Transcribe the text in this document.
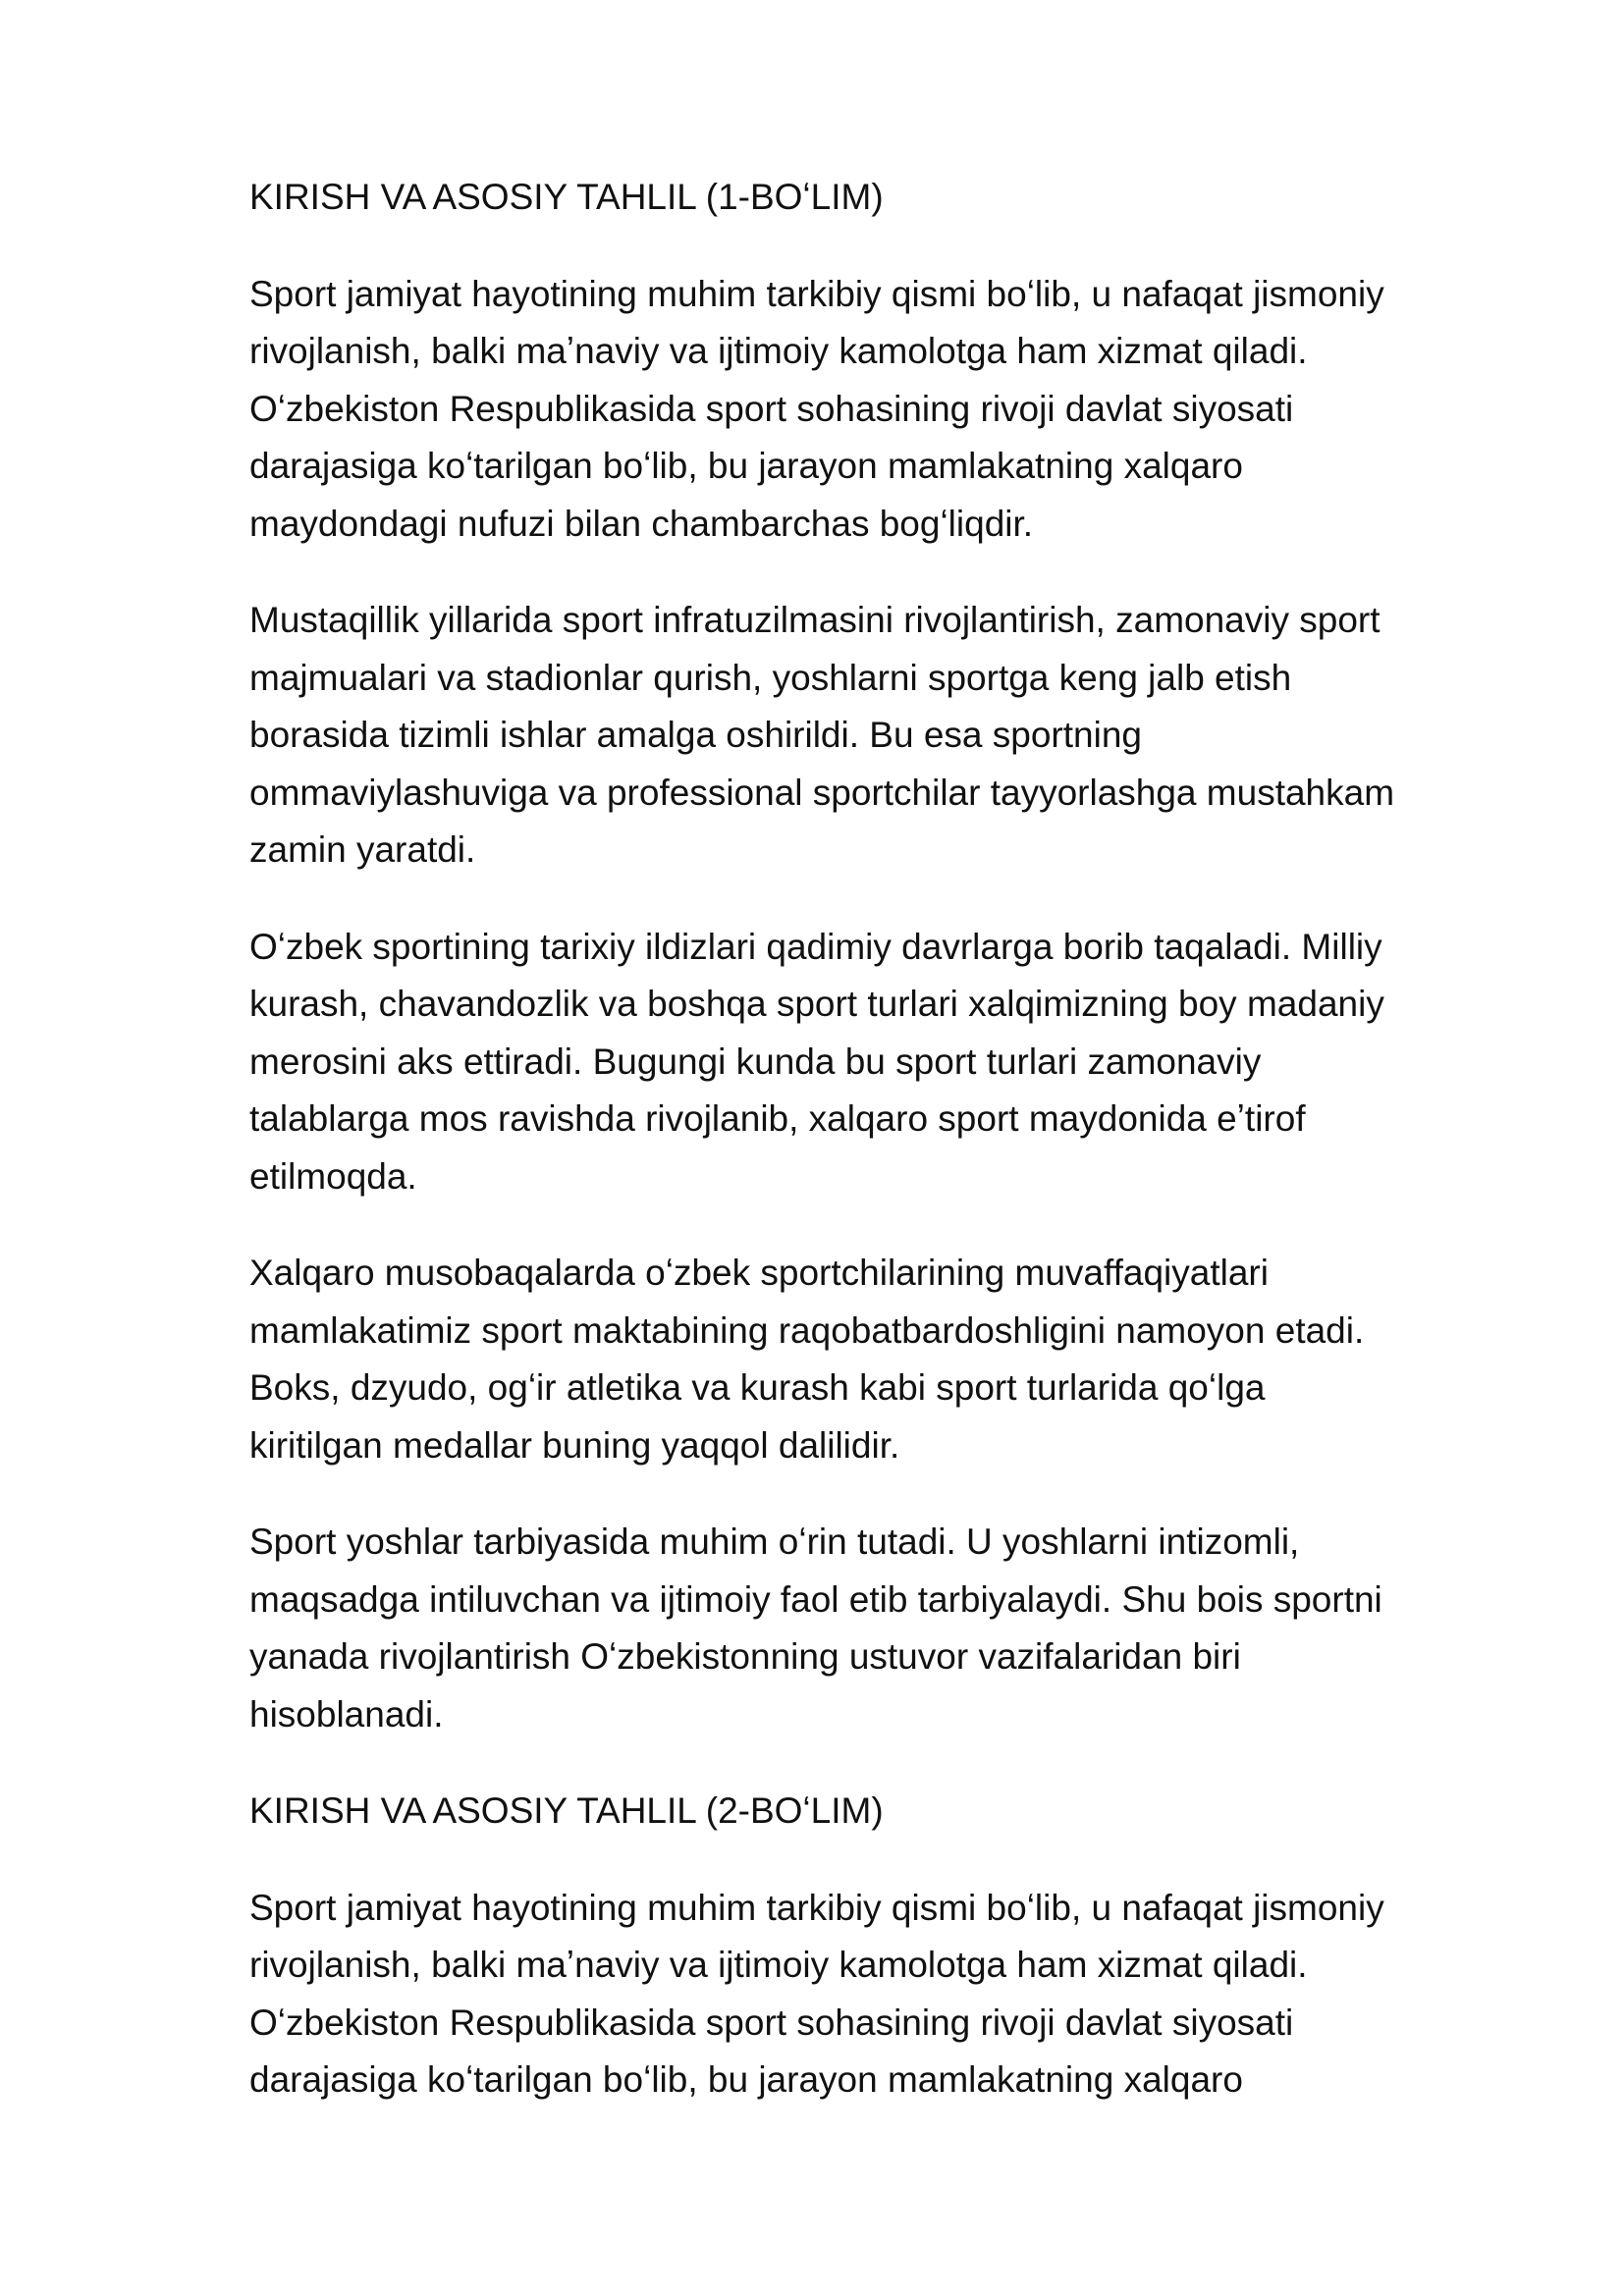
KIRISH VA ASOSIY TAHLIL (1-BOʻLIM)

Sport jamiyat hayotining muhim tarkibiy qismi boʻlib, u nafaqat jismoniy
rivojlanish, balki maʼnaviy va ijtimoiy kamolotga ham xizmat qiladi.
Oʻzbekiston Respublikasida sport sohasining rivoji davlat siyosati
darajasiga koʻtarilgan boʻlib, bu jarayon mamlakatning xalqaro
maydondagi nufuzi bilan chambarchas bogʻliqdir.

Mustaqillik yillarida sport infratuzilmasini rivojlantirish, zamonaviy sport
majmualari va stadionlar qurish, yoshlarni sportga keng jalb etish
borasida tizimli ishlar amalga oshirildi. Bu esa sportning
ommaviylashuviga va professional sportchilar tayyorlashga mustahkam
zamin yaratdi.

Oʻzbek sportining tarixiy ildizlari qadimiy davrlarga borib taqaladi. Milliy
kurash, chavandozlik va boshqa sport turlari xalqimizning boy madaniy
merosini aks ettiradi. Bugungi kunda bu sport turlari zamonaviy
talablarga mos ravishda rivojlanib, xalqaro sport maydonida eʼtirof
etilmoqda.

Xalqaro musobaqalarda oʻzbek sportchilarining muvaffaqiyatlari
mamlakatimiz sport maktabining raqobatbardoshligini namoyon etadi.
Boks, dzyudo, ogʻir atletika va kurash kabi sport turlarida qoʻlga
kiritilgan medallar buning yaqqol dalilidir.

Sport yoshlar tarbiyasida muhim oʻrin tutadi. U yoshlarni intizomli,
maqsadga intiluvchan va ijtimoiy faol etib tarbiyalaydi. Shu bois sportni
yanada rivojlantirish Oʻzbekistonning ustuvor vazifalaridan biri
hisoblanadi.

KIRISH VA ASOSIY TAHLIL (2-BOʻLIM)

Sport jamiyat hayotining muhim tarkibiy qismi boʻlib, u nafaqat jismoniy
rivojlanish, balki maʼnaviy va ijtimoiy kamolotga ham xizmat qiladi.
Oʻzbekiston Respublikasida sport sohasining rivoji davlat siyosati
darajasiga koʻtarilgan boʻlib, bu jarayon mamlakatning xalqaro
